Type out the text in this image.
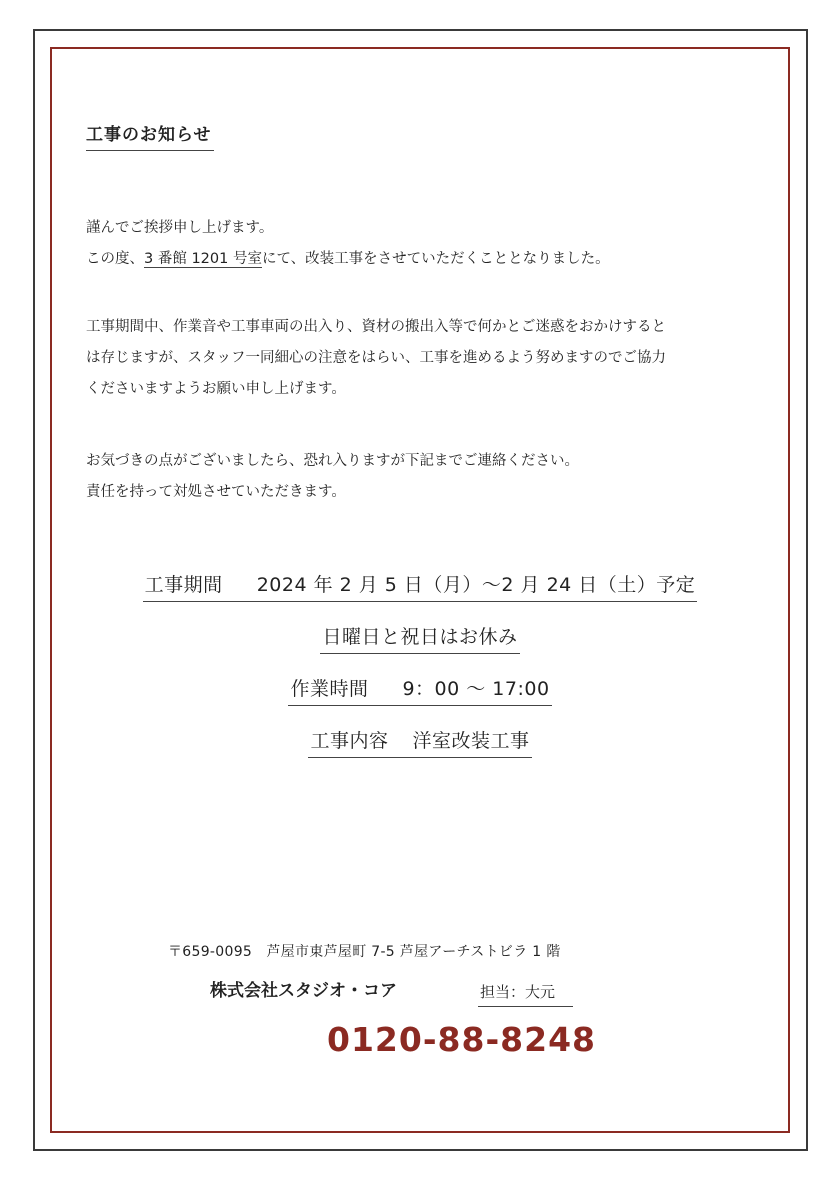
工事のお知らせ

謹んでご挨拶申し上げます。

この度、3 番館 1201 号室にて、改装工事をさせていただくこととなりました。

工事期間中、作業音や工事車両の出入り、資材の搬出入等で何かとご迷惑をおかけすると

は存じますが、スタッフ一同細心の注意をはらい、工事を進めるよう努めますのでご協力

くださいますようお願い申し上げます。

お気づきの点がございましたら、恐れ入りますが下記までご連絡ください。

責任を持って対処させていただきます。

工事期間 2024 年 2 月 5 日（月）～2 月 24 日（土）予定
日曜日と祝日はお休み
作業時間 9：00 ～ 17:00
工事内容 洋室改装工事
〒659-0095　芦屋市東芦屋町 7-5 芦屋アーチストビラ 1 階
株式会社スタジオ・コア	担当：大元
0120-88-8248
